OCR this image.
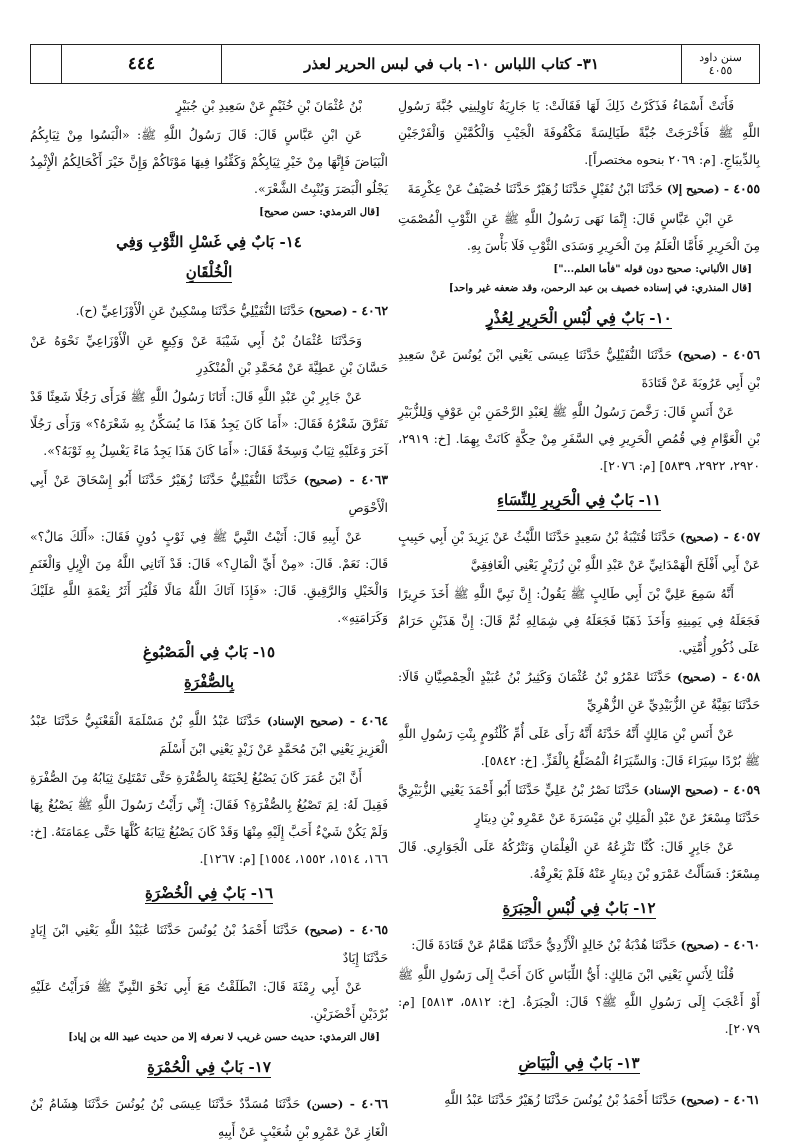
سنن داود
٤٠٥٥
٣١- كتاب اللباس ١٠- باب في لبس الحرير لعذر
٤٤٤
فَأَتَتْ أَسْمَاءُ فَذَكَرْتُ ذَلِكَ لَهَا فَقَالَتْ: يَا جَارِيَةُ نَاوِلِينِي جُبَّةَ رَسُولِ اللَّهِ ﷺ فَأَخْرَجَتْ جُبَّةً طَيَالِسَةً مَكْفُوفَةَ الْجَيْبِ وَالْكُمَّيْنِ وَالْفَرْجَيْنِ بِالدِّيبَاجِ. [م: ٢٠٦٩ بنحوه مختصراً].
٤٠٥٥ - (صحيح إلا) حَدَّثَنَا ابْنُ نُفَيْلٍ حَدَّثَنَا زُهَيْرٌ حَدَّثَنَا خُصَيْفٌ عَنْ عِكْرِمَةَ
عَنِ ابْنِ عَبَّاسٍ قَالَ: إِنَّمَا نَهَى رَسُولُ اللَّهِ ﷺ عَنِ الثَّوْبِ الْمُصْمَتِ مِنَ الْحَرِيرِ فَأَمَّا الْعَلَمُ مِنَ الْحَرِيرِ وَسَدَى الثَّوْبِ فَلَا بَأْسَ بِهِ.
[قال الألباني: صحيح دون قوله "فأما العلم..."]
[قال المنذري: في إسناده خصيف بن عبد الرحمن، وقد ضعفه غير واحد]
١٠- بَابٌ فِي لُبْسِ الْحَرِيرِ لِعُذْرٍ
٤٠٥٦ - (صحيح) حَدَّثَنَا النُّفَيْلِيُّ حَدَّثَنَا عِيسَى يَعْنِي ابْنَ يُونُسَ عَنْ سَعِيدِ بْنِ أَبِي عَرُوبَةَ عَنْ قَتَادَةَ
عَنْ أَنَسٍ قَالَ: رَخَّصَ رَسُولُ اللَّهِ ﷺ لِعَبْدِ الرَّحْمَنِ بْنِ عَوْفٍ وَلِلزُّبَيْرِ بْنِ الْعَوَّامِ فِي قُمُصِ الْحَرِيرِ فِي السَّفَرِ مِنْ حِكَّةٍ كَانَتْ بِهِمَا. [خ: ٢٩١٩، ٢٩٢٠، ٢٩٢٢، ٥٨٣٩] [م: ٢٠٧٦].
١١- بَابٌ فِي الْحَرِيرِ لِلنِّسَاءِ
٤٠٥٧ - (صحيح) حَدَّثَنَا قُتَيْبَةُ بْنُ سَعِيدٍ حَدَّثَنَا اللَّيْثُ عَنْ يَزِيدَ بْنِ أَبِي حَبِيبٍ عَنْ أَبِي أَفْلَحَ الْهَمْدَانِيِّ عَنْ عَبْدِ اللَّهِ بْنِ زُرَيْرٍ يَعْنِي الْغَافِقِيَّ
أَنَّهُ سَمِعَ عَلِيَّ بْنَ أَبِي طَالِبٍ ﷺ يَقُولُ: إِنَّ نَبِيَّ اللَّهِ ﷺ أَخَذَ حَرِيرًا فَجَعَلَهُ فِي يَمِينِهِ وَأَخَذَ ذَهَبًا فَجَعَلَهُ فِي شِمَالِهِ ثُمَّ قَالَ: إِنَّ هَذَيْنِ حَرَامٌ عَلَى ذُكُورِ أُمَّتِي.
٤٠٥٨ - (صحيح) حَدَّثَنَا عَمْرُو بْنُ عُثْمَانَ وَكَثِيرُ بْنُ عُبَيْدٍ الْحِمْصِيَّانِ قَالَا: حَدَّثَنَا بَقِيَّةُ عَنِ الزُّبَيْدِيِّ عَنِ الزُّهْرِيِّ
عَنْ أَنَسِ بْنِ مَالِكٍ أَنَّهُ حَدَّثَهُ أَنَّهُ رَأَى عَلَى أُمِّ كُلْثُومٍ بِنْتِ رَسُولِ اللَّهِ ﷺ بُرْدًا سِيَرَاءَ قَالَ: وَالسِّيَرَاءُ الْمُضَلَّعُ بِالْقَزِّ. [خ: ٥٨٤٢].
٤٠٥٩ - (صحيح الإسناد) حَدَّثَنَا نَصْرُ بْنُ عَلِيٍّ حَدَّثَنَا أَبُو أَحْمَدَ يَعْنِي الزُّبَيْرِيَّ حَدَّثَنَا مِسْعَرٌ عَنْ عَبْدِ الْمَلِكِ بْنِ مَيْسَرَةَ عَنْ عَمْرِو بْنِ دِينَارٍ
عَنْ جَابِرٍ قَالَ: كُنَّا نَنْزِعُهُ عَنِ الْغِلْمَانِ وَنَتْرُكُهُ عَلَى الْجَوَارِي. قَالَ مِسْعَرٌ: فَسَأَلْتُ عَمْرَو بْنَ دِينَارٍ عَنْهُ فَلَمْ يَعْرِفْهُ.
١٢- بَابٌ فِي لُبْسِ الْحِبَرَةِ
٤٠٦٠ - (صحيح) حَدَّثَنَا هُدْبَةُ بْنُ خَالِدٍ الْأَزْدِيُّ حَدَّثَنَا هَمَّامٌ عَنْ قَتَادَةَ قَالَ:
قُلْنَا لِأَنَسٍ يَعْنِي ابْنَ مَالِكٍ: أَيُّ اللِّبَاسِ كَانَ أَحَبَّ إِلَى رَسُولِ اللَّهِ ﷺ أَوْ أَعْجَبَ إِلَى رَسُولِ اللَّهِ ﷺ؟ قَالَ: الْحِبَرَةُ. [خ: ٥٨١٢، ٥٨١٣] [م: ٢٠٧٩].
١٣- بَابٌ فِي الْبَيَاضِ
٤٠٦١ - (صحيح) حَدَّثَنَا أَحْمَدُ بْنُ يُونُسَ حَدَّثَنَا زُهَيْرٌ حَدَّثَنَا عَبْدُ اللَّهِ
بْنُ عُثْمَانَ بْنِ خُثَيْمٍ عَنْ سَعِيدِ بْنِ جُبَيْرٍ
عَنِ ابْنِ عَبَّاسٍ قَالَ: قَالَ رَسُولُ اللَّهِ ﷺ: «الْبَسُوا مِنْ ثِيَابِكُمُ الْبَيَاضَ فَإِنَّهَا مِنْ خَيْرِ ثِيَابِكُمْ وَكَفِّنُوا فِيهَا مَوْتَاكُمْ وَإِنَّ خَيْرَ أَكْحَالِكُمُ الْإِثْمِدُ يَجْلُو الْبَصَرَ وَيُنْبِتُ الشَّعْرَ».
[قال الترمذي: حسن صحيح]
١٤- بَابٌ فِي غَسْلِ الثَّوْبِ وَفِي
الْخُلْقَانِ
٤٠٦٢ - (صحيح) حَدَّثَنَا النُّفَيْلِيُّ حَدَّثَنَا مِسْكِينٌ عَنِ الْأَوْزَاعِيِّ (ح).
وَحَدَّثَنَا عُثْمَانُ بْنُ أَبِي شَيْبَةَ عَنْ وَكِيعٍ عَنِ الْأَوْزَاعِيِّ نَحْوَهُ عَنْ حَسَّانَ بْنِ عَطِيَّةَ عَنْ مُحَمَّدِ بْنِ الْمُنْكَدِرِ
عَنْ جَابِرِ بْنِ عَبْدِ اللَّهِ قَالَ: أَتَانَا رَسُولُ اللَّهِ ﷺ فَرَأَى رَجُلًا شَعِثًا قَدْ تَفَرَّقَ شَعْرُهُ فَقَالَ: «أَمَا كَانَ يَجِدُ هَذَا مَا يُسَكِّنُ بِهِ شَعْرَهُ؟» وَرَأَى رَجُلًا آخَرَ وَعَلَيْهِ ثِيَابٌ وَسِخَةٌ فَقَالَ: «أَمَا كَانَ هَذَا يَجِدُ مَاءً يَغْسِلُ بِهِ ثَوْبَهُ؟».
٤٠٦٣ - (صحيح) حَدَّثَنَا النُّفَيْلِيُّ حَدَّثَنَا زُهَيْرٌ حَدَّثَنَا أَبُو إِسْحَاقَ عَنْ أَبِي الْأَحْوَصِ
عَنْ أَبِيهِ قَالَ: أَتَيْتُ النَّبِيَّ ﷺ فِي ثَوْبٍ دُونٍ فَقَالَ: «أَلَكَ مَالٌ؟» قَالَ: نَعَمْ. قَالَ: «مِنْ أَيِّ الْمَالِ؟» قَالَ: قَدْ آتَانِي اللَّهُ مِنَ الْإِبِلِ وَالْغَنَمِ وَالْخَيْلِ وَالرَّقِيقِ. قَالَ: «فَإِذَا آتَاكَ اللَّهُ مَالًا فَلْيُرَ أَثَرُ نِعْمَةِ اللَّهِ عَلَيْكَ وَكَرَامَتِهِ».
١٥- بَابٌ فِي الْمَصْبُوغِ
بِالصُّفْرَةِ
٤٠٦٤ - (صحيح الإسناد) حَدَّثَنَا عَبْدُ اللَّهِ بْنُ مَسْلَمَةَ الْقَعْنَبِيُّ حَدَّثَنَا عَبْدُ الْعَزِيزِ يَعْنِي ابْنَ مُحَمَّدٍ عَنْ زَيْدٍ يَعْنِي ابْنَ أَسْلَمَ
أَنَّ ابْنَ عُمَرَ كَانَ يَصْبُغُ لِحْيَتَهُ بِالصُّفْرَةِ حَتَّى تَمْتَلِئَ ثِيَابُهُ مِنَ الصُّفْرَةِ فَقِيلَ لَهُ: لِمَ تَصْبُغُ بِالصُّفْرَةِ؟ فَقَالَ: إِنِّي رَأَيْتُ رَسُولَ اللَّهِ ﷺ يَصْبُغُ بِهَا وَلَمْ يَكُنْ شَيْءٌ أَحَبَّ إِلَيْهِ مِنْهَا وَقَدْ كَانَ يَصْبُغُ ثِيَابَهُ كُلَّهَا حَتَّى عِمَامَتَهُ. [خ: ١٦٦، ١٥١٤، ١٥٥٢، ١٥٥٤] [م: ١٢٦٧].
١٦- بَابٌ فِي الْخُضْرَةِ
٤٠٦٥ - (صحيح) حَدَّثَنَا أَحْمَدُ بْنُ يُونُسَ حَدَّثَنَا عُبَيْدُ اللَّهِ يَعْنِي ابْنَ إِيَادٍ حَدَّثَنَا إِيَادٌ
عَنْ أَبِي رِمْثَةَ قَالَ: انْطَلَقْتُ مَعَ أَبِي نَحْوَ النَّبِيِّ ﷺ فَرَأَيْتُ عَلَيْهِ بُرْدَيْنِ أَخْضَرَيْنِ.
[قال الترمذي: حديث حسن غريب لا نعرفه إلا من حديث عبيد الله بن إياد]
١٧- بَابٌ فِي الْحُمْرَةِ
٤٠٦٦ - (حسن) حَدَّثَنَا مُسَدَّدٌ حَدَّثَنَا عِيسَى بْنُ يُونُسَ حَدَّثَنَا هِشَامُ بْنُ الْغَازِ عَنْ عَمْرِو بْنِ شُعَيْبٍ عَنْ أَبِيهِ
